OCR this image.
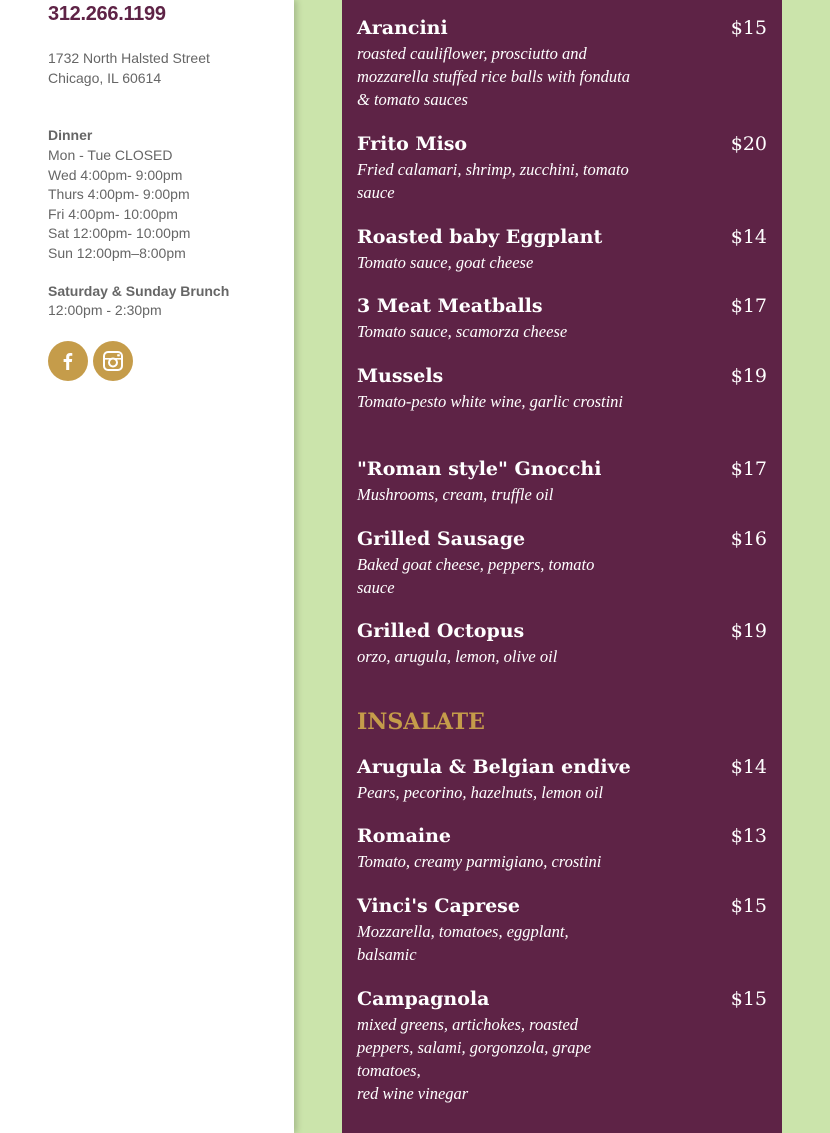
312.266.1199
1732 North Halsted Street
Chicago, IL 60614
Dinner
Mon - Tue CLOSED
Wed 4:00pm- 9:00pm
Thurs 4:00pm- 9:00pm
Fri 4:00pm- 10:00pm
Sat 12:00pm- 10:00pm
Sun 12:00pm–8:00pm
Saturday & Sunday Brunch
12:00pm - 2:30pm
Arancini	$15
roasted cauliflower, prosciutto and mozzarella stuffed rice balls with fonduta & tomato sauces
Frito Miso	$20
Fried calamari, shrimp, zucchini, tomato sauce
Roasted baby Eggplant	$14
Tomato sauce, goat cheese
3 Meat Meatballs	$17
Tomato sauce, scamorza cheese
Mussels	$19
Tomato-pesto white wine, garlic crostini
"Roman style" Gnocchi	$17
Mushrooms, cream, truffle oil
Grilled Sausage	$16
Baked goat cheese, peppers, tomato sauce
Grilled Octopus	$19
orzo, arugula, lemon, olive oil
INSALATE
Arugula & Belgian endive	$14
Pears, pecorino, hazelnuts, lemon oil
Romaine	$13
Tomato, creamy parmigiano, crostini
Vinci's Caprese	$15
Mozzarella, tomatoes, eggplant, balsamic
Campagnola	$15
mixed greens, artichokes, roasted peppers, salami, gorgonzola, grape tomatoes,
red wine vinegar
